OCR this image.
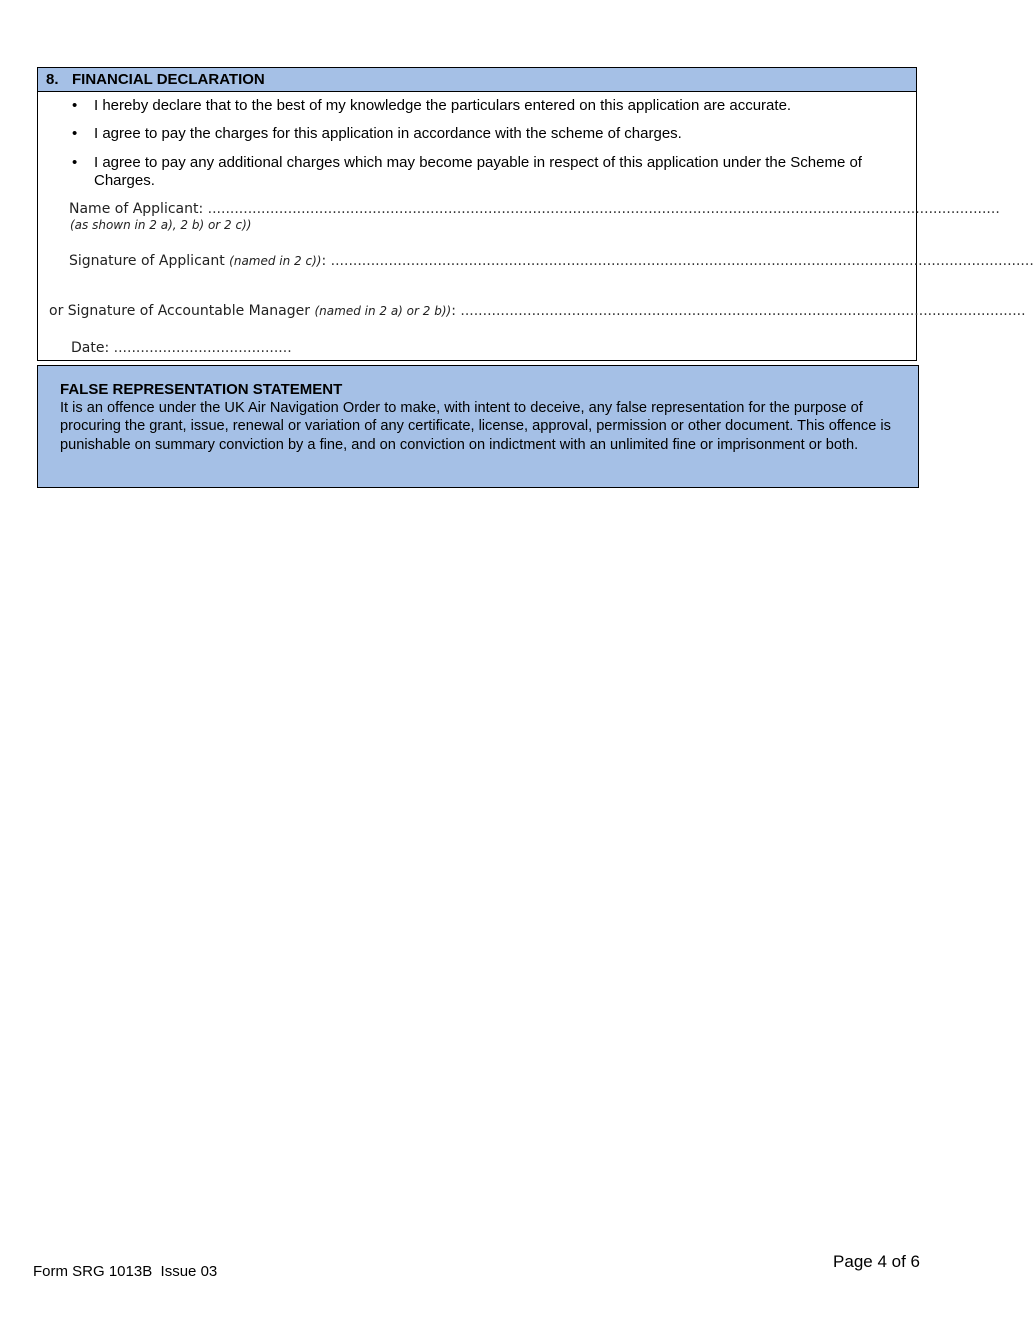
8. FINANCIAL DECLARATION
• I hereby declare that to the best of my knowledge the particulars entered on this application are accurate.
• I agree to pay the charges for this application in accordance with the scheme of charges.
• I agree to pay any additional charges which may become payable in respect of this application under the Scheme of Charges.
Name of Applicant: ..................................................................................................................................................................................
(as shown in 2 a), 2 b) or 2 c))
Signature of Applicant (named in 2 c)): ..............................................................................................................................................................
or Signature of Accountable Manager (named in 2 a) or 2 b)): ...............................................................................................................................
Date: ........................................
FALSE REPRESENTATION STATEMENT
It is an offence under the UK Air Navigation Order to make, with intent to deceive, any false representation for the purpose of procuring the grant, issue, renewal or variation of any certificate, license, approval, permission or other document. This offence is punishable on summary conviction by a fine, and on conviction on indictment with an unlimited fine or imprisonment or both.
Form SRG 1013B  Issue 03
Page 4 of 6
